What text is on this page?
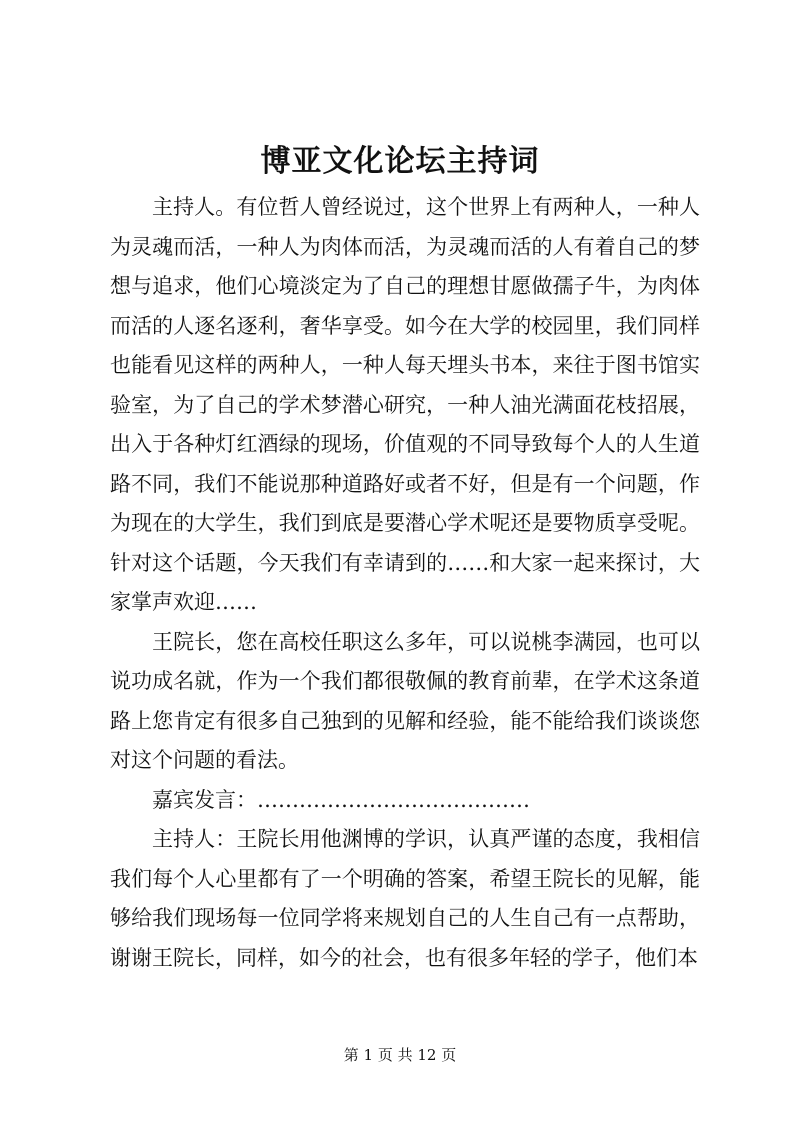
博亚文化论坛主持词

主持人。有位哲人曾经说过，这个世界上有两种人，一种人为灵魂而活，一种人为肉体而活，为灵魂而活的人有着自己的梦想与追求，他们心境淡定为了自己的理想甘愿做孺子牛，为肉体而活的人逐名逐利，奢华享受。如今在大学的校园里，我们同样也能看见这样的两种人，一种人每天埋头书本，来往于图书馆实验室，为了自己的学术梦潜心研究，一种人油光满面花枝招展，出入于各种灯红酒绿的现场，价值观的不同导致每个人的人生道路不同，我们不能说那种道路好或者不好，但是有一个问题，作为现在的大学生，我们到底是要潜心学术呢还是要物质享受呢。针对这个话题，今天我们有幸请到的……和大家一起来探讨，大家掌声欢迎……

王院长，您在高校任职这么多年，可以说桃李满园，也可以说功成名就，作为一个我们都很敬佩的教育前辈，在学术这条道路上您肯定有很多自己独到的见解和经验，能不能给我们谈谈您对这个问题的看法。

嘉宾发言：…………………………………

主持人：王院长用他渊博的学识，认真严谨的态度，我相信我们每个人心里都有了一个明确的答案，希望王院长的见解，能够给我们现场每一位同学将来规划自己的人生自己有一点帮助，谢谢王院长，同样，如今的社会，也有很多年轻的学子，他们本

第 1 页 共 12 页
